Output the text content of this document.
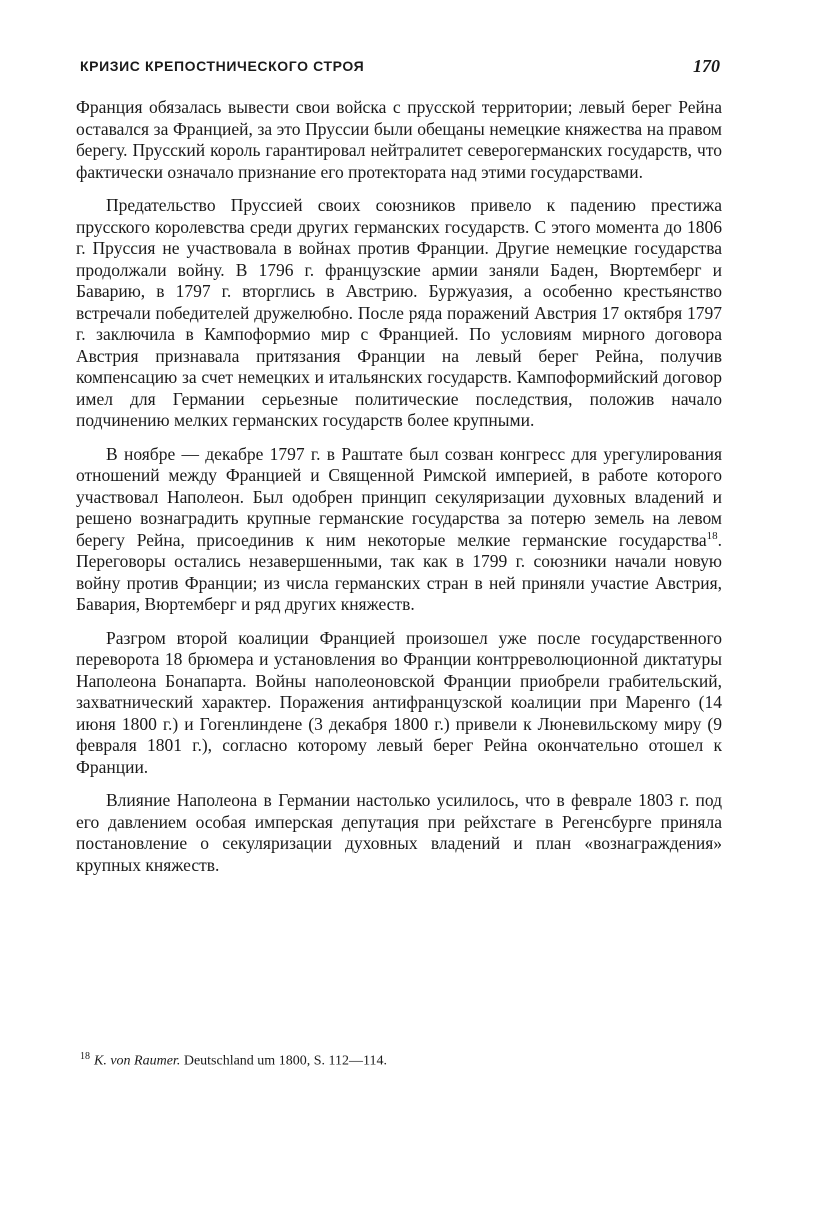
КРИЗИС КРЕПОСТНИЧЕСКОГО СТРОЯ	170

Франция обязалась вывести свои войска с прусской территории; левый берег Рейна оставался за Францией, за это Пруссии были обещаны немецкие княжества на правом берегу. Прусский король гарантировал нейтралитет северогерманских государств, что фактически означало признание его протектората над этими государствами.

Предательство Пруссией своих союзников привело к падению престижа прусского королевства среди других германских государств. С этого момента до 1806 г. Пруссия не участвовала в войнах против Франции. Другие немецкие государства продолжали войну. В 1796 г. французские армии заняли Баден, Вюртемберг и Баварию, в 1797 г. вторглись в Австрию. Буржуазия, а особенно крестьянство встречали победителей дружелюбно. После ряда поражений Австрия 17 октября 1797 г. заключила в Кампоформио мир с Францией. По условиям мирного договора Австрия признавала притязания Франции на левый берег Рейна, получив компенсацию за счет немецких и итальянских государств. Кампоформийский договор имел для Германии серьезные политические последствия, положив начало подчинению мелких германских государств более крупными.

В ноябре — декабре 1797 г. в Раштате был созван конгресс для урегулирования отношений между Францией и Священной Римской империей, в работе которого участвовал Наполеон. Был одобрен принцип секуляризации духовных владений и решено вознаградить крупные германские государства за потерю земель на левом берегу Рейна, присоединив к ним некоторые мелкие германские государства$^{18}$. Переговоры остались незавершенными, так как в 1799 г. союзники начали новую войну против Франции; из числа германских стран в ней приняли участие Австрия, Бавария, Вюртемберг и ряд других княжеств.

Разгром второй коалиции Францией произошел уже после государственного переворота 18 брюмера и установления во Франции контрреволюционной диктатуры Наполеона Бонапарта. Войны наполеоновской Франции приобрели грабительский, захватнический характер. Поражения антифранцузской коалиции при Маренго (14 июня 1800 г.) и Гогенлиндене (3 декабря 1800 г.) привели к Люневильскому миру (9 февраля 1801 г.), согласно которому левый берег Рейна окончательно отошел к Франции.

Влияние Наполеона в Германии настолько усилилось, что в феврале 1803 г. под его давлением особая имперская депутация при рейхстаге в Регенсбурге приняла постановление о секуляризации духовных владений и план «вознаграждения» крупных княжеств.

$^{18}$ K. von Raumer. Deutschland um 1800, S. 112—114.
